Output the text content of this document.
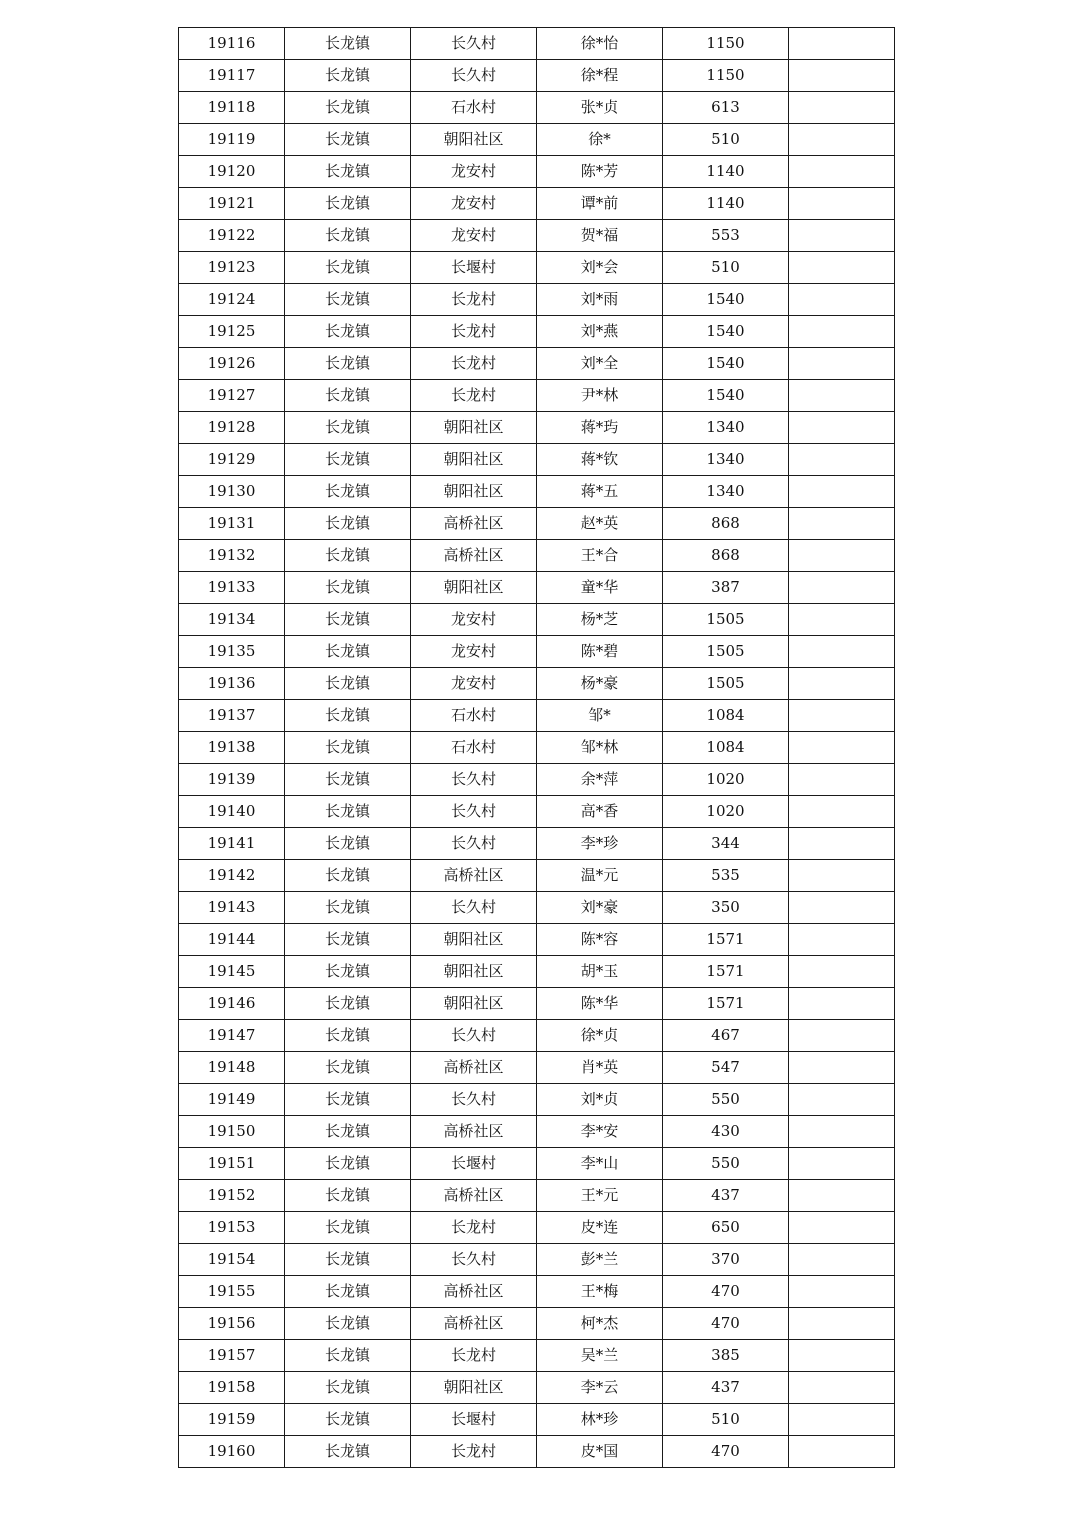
19116	长龙镇	长久村	徐*怡	1150	
19117	长龙镇	长久村	徐*程	1150	
19118	长龙镇	石水村	张*贞	613	
19119	长龙镇	朝阳社区	徐*	510	
19120	长龙镇	龙安村	陈*芳	1140	
19121	长龙镇	龙安村	谭*前	1140	
19122	长龙镇	龙安村	贺*福	553	
19123	长龙镇	长堰村	刘*会	510	
19124	长龙镇	长龙村	刘*雨	1540	
19125	长龙镇	长龙村	刘*燕	1540	
19126	长龙镇	长龙村	刘*全	1540	
19127	长龙镇	长龙村	尹*林	1540	
19128	长龙镇	朝阳社区	蒋*玙	1340	
19129	长龙镇	朝阳社区	蒋*钦	1340	
19130	长龙镇	朝阳社区	蒋*五	1340	
19131	长龙镇	高桥社区	赵*英	868	
19132	长龙镇	高桥社区	王*合	868	
19133	长龙镇	朝阳社区	童*华	387	
19134	长龙镇	龙安村	杨*芝	1505	
19135	长龙镇	龙安村	陈*碧	1505	
19136	长龙镇	龙安村	杨*豪	1505	
19137	长龙镇	石水村	邹*	1084	
19138	长龙镇	石水村	邹*林	1084	
19139	长龙镇	长久村	余*萍	1020	
19140	长龙镇	长久村	高*香	1020	
19141	长龙镇	长久村	李*珍	344	
19142	长龙镇	高桥社区	温*元	535	
19143	长龙镇	长久村	刘*豪	350	
19144	长龙镇	朝阳社区	陈*容	1571	
19145	长龙镇	朝阳社区	胡*玉	1571	
19146	长龙镇	朝阳社区	陈*华	1571	
19147	长龙镇	长久村	徐*贞	467	
19148	长龙镇	高桥社区	肖*英	547	
19149	长龙镇	长久村	刘*贞	550	
19150	长龙镇	高桥社区	李*安	430	
19151	长龙镇	长堰村	李*山	550	
19152	长龙镇	高桥社区	王*元	437	
19153	长龙镇	长龙村	皮*连	650	
19154	长龙镇	长久村	彭*兰	370	
19155	长龙镇	高桥社区	王*梅	470	
19156	长龙镇	高桥社区	柯*杰	470	
19157	长龙镇	长龙村	吴*兰	385	
19158	长龙镇	朝阳社区	李*云	437	
19159	长龙镇	长堰村	林*珍	510	
19160	长龙镇	长龙村	皮*国	470	
